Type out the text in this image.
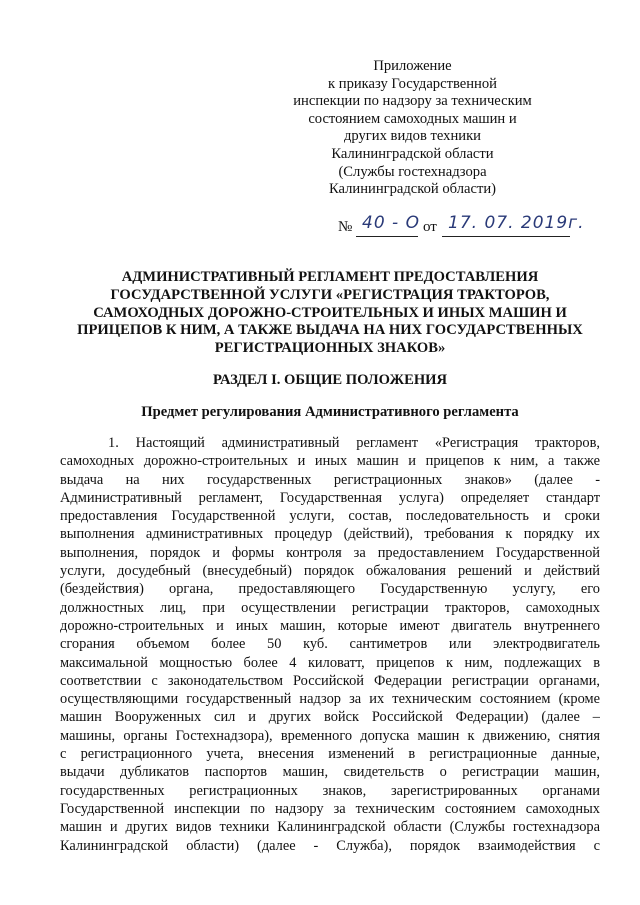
Приложение
к приказу Государственной
инспекции по надзору за техническим
состоянием самоходных машин и
других видов техники
Калининградской области
(Службы гостехнадзора
Калининградской области)
№ 40 - О от 17. 07. 2019г.
АДМИНИСТРАТИВНЫЙ РЕГЛАМЕНТ ПРЕДОСТАВЛЕНИЯ
ГОСУДАРСТВЕННОЙ УСЛУГИ «РЕГИСТРАЦИЯ ТРАКТОРОВ,
САМОХОДНЫХ ДОРОЖНО-СТРОИТЕЛЬНЫХ И ИНЫХ МАШИН И
ПРИЦЕПОВ К НИМ, А ТАКЖЕ ВЫДАЧА НА НИХ ГОСУДАРСТВЕННЫХ
РЕГИСТРАЦИОННЫХ ЗНАКОВ»
РАЗДЕЛ I. ОБЩИЕ ПОЛОЖЕНИЯ
Предмет регулирования Административного регламента
1. Настоящий административный регламент «Регистрация тракторов,
самоходных дорожно-строительных и иных машин и прицепов к ним, а также
выдача на них государственных регистрационных знаков» (далее -
Административный регламент, Государственная услуга) определяет стандарт
предоставления Государственной услуги, состав, последовательность и сроки
выполнения административных процедур (действий), требования к порядку их
выполнения, порядок и формы контроля за предоставлением Государственной
услуги, досудебный (внесудебный) порядок обжалования решений и действий
(бездействия) органа, предоставляющего Государственную услугу, его
должностных лиц, при осуществлении регистрации тракторов, самоходных
дорожно-строительных и иных машин, которые имеют двигатель внутреннего
сгорания объемом более 50 куб. сантиметров или электродвигатель
максимальной мощностью более 4 киловатт, прицепов к ним, подлежащих в
соответствии с законодательством Российской Федерации регистрации органами,
осуществляющими государственный надзор за их техническим состоянием (кроме
машин Вооруженных сил и других войск Российской Федерации) (далее –
машины, органы Гостехнадзора), временного допуска машин к движению, снятия
с регистрационного учета, внесения изменений в регистрационные данные,
выдачи дубликатов паспортов машин, свидетельств о регистрации машин,
государственных регистрационных знаков, зарегистрированных органами
Государственной инспекции по надзору за техническим состоянием самоходных
машин и других видов техники Калининградской области (Службы гостехнадзора
Калининградской области) (далее - Служба), порядок взаимодействия с
